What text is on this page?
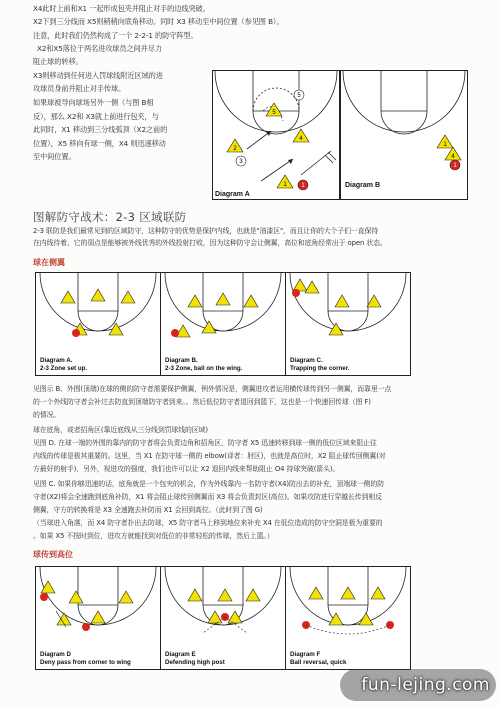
X4此时上前和X1 一起形成包夹并阻止对手的边线突破。
X2下到三分线而 X5则稍稍向底角移动。同时 X3 移动至中间位置（参见图 B）。
注意，此时我们仍然构成了一个 2-2-1 的防守阵型。
X2和X5落位于两名进攻球员之间并尽力
阻止球的转移。
X3则移动到任何进入罚球线附近区域的进
攻球员身前并阻止对手传球。
如果球被导向球场另外一侧（与图 B相
反），那么 X2和 X3就上前进行包夹，与
此同时，X1 移动到三分线弧顶（X2之前的
位置），X5 移向有球一侧，X4 则迅速移动
至中间位置。
5
4
2
5
3
1 1
Diagram A
1
4
1
Diagram B
图解防守战术：2-3 区域联防
2-3 联防是我们最常见到的区域防守，这种防守的优势是保护内线，也就是"油漆区"，而且让你的大个子们一直保持
在内线待着，它的弱点是能够被外线优秀的外线投射打败，因为这种防守会让侧翼，高位和底角经常出于 open 状态。
球在侧翼
Diagram A.
2-3 Zone set up.
Diagram B.
2-3 Zone, ball on the wing.
Diagram C.
Trapping the corner.
见图示 B、外围(顶端)在球的侧的防守者需要保护侧翼，例外情况是，侧翼进攻者运用横传球传到另一侧翼，而靠里一点
的一个外线防守者会补过去防直到顶端防守者到来。。然后低位防守者退回到篮下，这也是一个快速回传球（图 F)
的情况。
球在底角，或者招角区(靠近底线从三分线到罚球线的区域)
见图 D. 在球一端的外围的靠内的防守者将会负责边角和招角区，防守者 X5 迅速转移到球一侧的低位区域来阻止往
内线的传球是极其重要的。这里，当 X1 在防守球一侧的 elbow(译者：肘区)，也就是高位时，X2 阻止球传回侧翼(对
方最好的射手)，另外，视进攻的强度，我们也许可以让 X2 退回内线来帮助阻止 O4 持球突破(箭头)。
见图 C. 如果你够迅速的话，底角就是一个包夹的机会，作为外线靠内一名防守者(X4)防出去的补充，顶端球一侧的防
守者(X2)将会全速跑到底角补防，X1 将会阻止球传回侧翼而 X3 将会负责封区(高位)。如果攻防进行穿越长传到相反
侧翼，守方的转换将是 X3 全速跑去补防而 X1 会回到高位。（此时到了图 G)
（当球进入角落，而 X4 防守者扑出去防球，X5 防守者马上移到地位来补充 X4 在低位造成的防守空洞是极为重要的
。如果 X5 不按时到位，进攻方就能找到对低位的非常轻松的传球，然后上篮。）
球传到高位
Diagram D
Deny pass from corner to wing
Diagram E
Defending high post
Diagram F
Ball reversal, quick
fun-lejing.com
